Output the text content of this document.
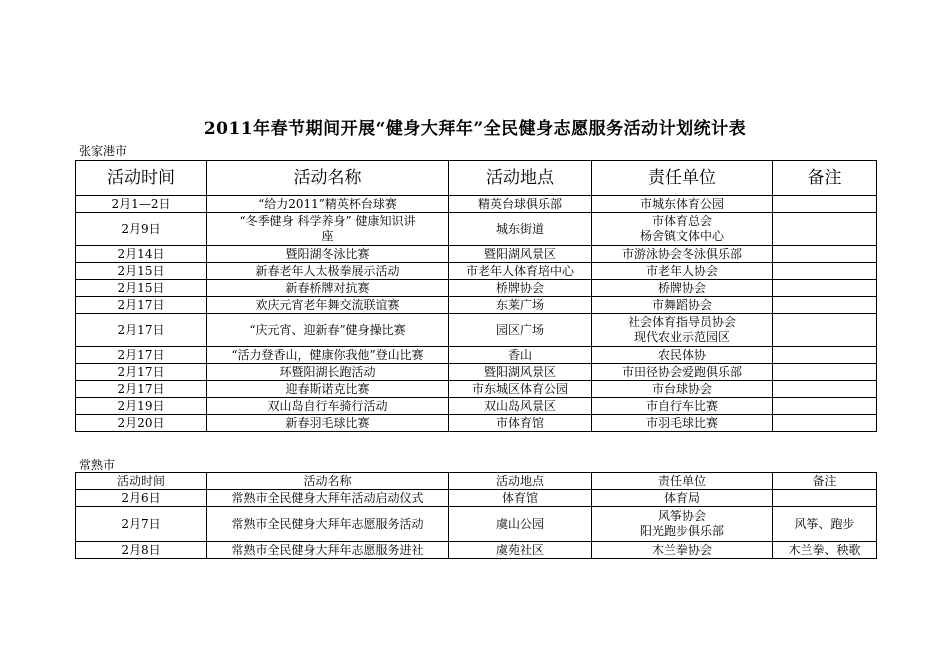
2011年春节期间开展“健身大拜年”全民健身志愿服务活动计划统计表
张家港市
活动时间	活动名称	活动地点	责任单位	备注
2月1—2日	“给力2011”精英杯台球赛	精英台球俱乐部	市城东体育公园	

2月9日	“冬季健身 科学养身” 健康知识讲
座	城东街道	市体育总会
杨舍镇文体中心	

2月14日	暨阳湖冬泳比赛	暨阳湖风景区	市游泳协会冬泳俱乐部	

2月15日	新春老年人太极拳展示活动	市老年人体育培中心	市老年人协会	

2月15日	新春桥牌对抗赛	桥牌协会	桥牌协会	

2月17日	欢庆元宵老年舞交流联谊赛	东莱广场	市舞蹈协会	

2月17日	“庆元宵、迎新春”健身操比赛	园区广场	社会体育指导员协会
现代农业示范园区	

2月17日	“活力登香山，健康你我他”登山比赛	香山	农民体协	

2月17日	环暨阳湖长跑活动	暨阳湖风景区	市田径协会爱跑俱乐部	

2月17日	迎春斯诺克比赛	市东城区体育公园	市台球协会	

2月19日	双山岛自行车骑行活动	双山岛风景区	市自行车比赛	

2月20日	新春羽毛球比赛	市体育馆	市羽毛球比赛	

常熟市
活动时间	活动名称	活动地点	责任单位	备注
2月6日	常熟市全民健身大拜年活动启动仪式	体育馆	体育局	

2月7日	常熟市全民健身大拜年志愿服务活动	虞山公园	风筝协会
阳光跑步俱乐部	风筝、跑步
2月8日	常熟市全民健身大拜年志愿服务进社	虞苑社区	木兰拳协会	木兰拳、秧歌
